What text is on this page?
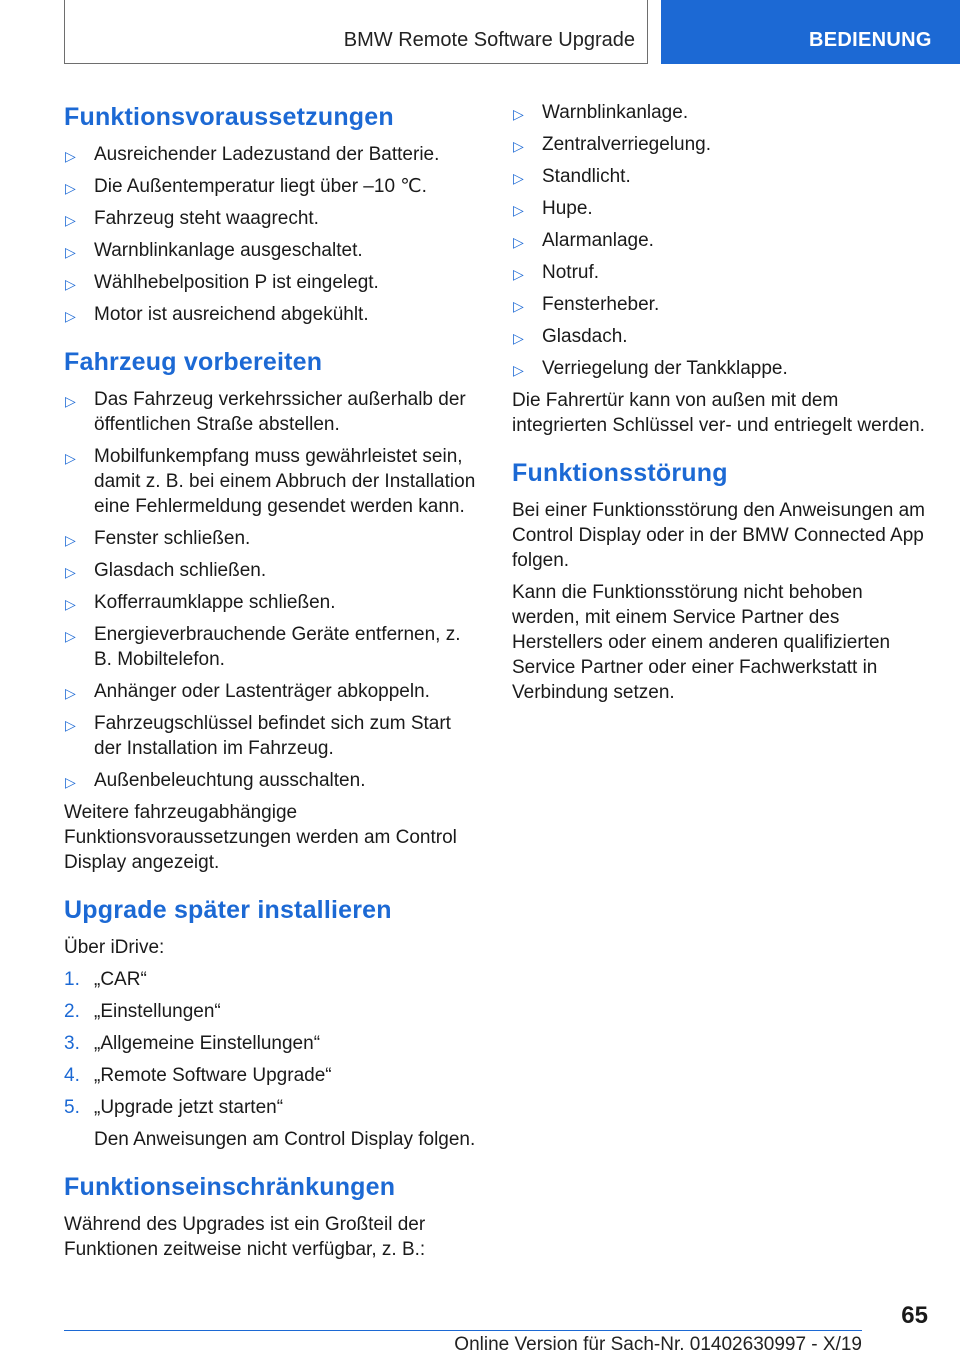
BMW Remote Software Upgrade	BEDIENUNG
Funktionsvoraussetzungen
▷ Ausreichender Ladezustand der Batterie.
▷ Die Außentemperatur liegt über –10 ℃.
▷ Fahrzeug steht waagrecht.
▷ Warnblinkanlage ausgeschaltet.
▷ Wählhebelposition P ist eingelegt.
▷ Motor ist ausreichend abgekühlt.
Fahrzeug vorbereiten
▷ Das Fahrzeug verkehrssicher außerhalb der öffentlichen Straße abstellen.
▷ Mobilfunkempfang muss gewährleistet sein, damit z. B. bei einem Abbruch der Installation eine Fehlermeldung gesendet werden kann.
▷ Fenster schließen.
▷ Glasdach schließen.
▷ Kofferraumklappe schließen.
▷ Energieverbrauchende Geräte entfernen, z. B. Mobiltelefon.
▷ Anhänger oder Lastenträger abkoppeln.
▷ Fahrzeugschlüssel befindet sich zum Start der Installation im Fahrzeug.
▷ Außenbeleuchtung ausschalten.

Weitere fahrzeugabhängige Funktionsvoraussetzungen werden am Control Display angezeigt.

Upgrade später installieren

Über iDrive:

1. „CAR“
2. „Einstellungen“
3. „Allgemeine Einstellungen“
4. „Remote Software Upgrade“
5. „Upgrade jetzt starten“

Den Anweisungen am Control Display folgen.

Funktionseinschränkungen

Während des Upgrades ist ein Großteil der Funktionen zeitweise nicht verfügbar, z. B.:

▷ Warnblinkanlage.
▷ Zentralverriegelung.
▷ Standlicht.
▷ Hupe.
▷ Alarmanlage.
▷ Notruf.
▷ Fensterheber.
▷ Glasdach.
▷ Verriegelung der Tankklappe.

Die Fahrertür kann von außen mit dem integrierten Schlüssel ver- und entriegelt werden.

Funktionsstörung

Bei einer Funktionsstörung den Anweisungen am Control Display oder in der BMW Connected App folgen.

Kann die Funktionsstörung nicht behoben werden, mit einem Service Partner des Herstellers oder einem anderen qualifizierten Service Partner oder einer Fachwerkstatt in Verbindung setzen.

65
Online Version für Sach-Nr. 01402630997 - X/19
